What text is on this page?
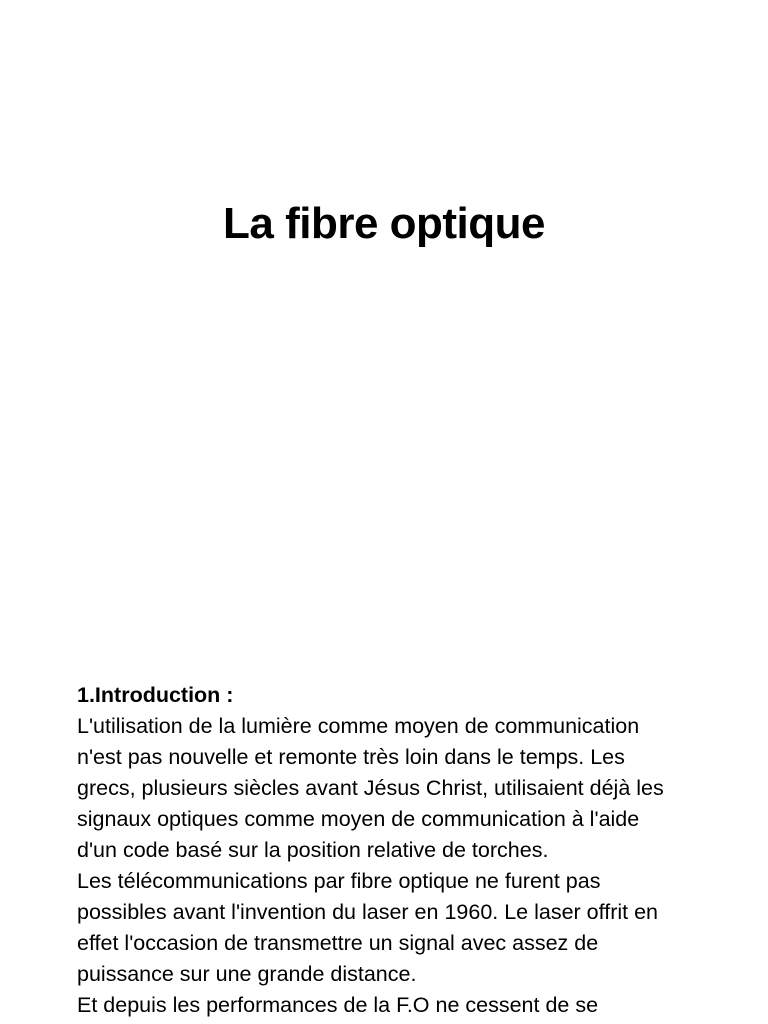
La fibre optique
1.Introduction :
L'utilisation de la lumière comme moyen de communication
n'est pas nouvelle et remonte très loin dans le temps. Les
grecs, plusieurs siècles avant Jésus Christ, utilisaient déjà les
signaux optiques comme moyen de communication à l'aide
d'un code basé sur la position relative de torches.
Les télécommunications par fibre optique ne furent pas
possibles avant l'invention du laser en 1960. Le laser offrit en
effet l'occasion de transmettre un signal avec assez de
puissance sur une grande distance.
Et depuis les performances de la F.O ne cessent de se
